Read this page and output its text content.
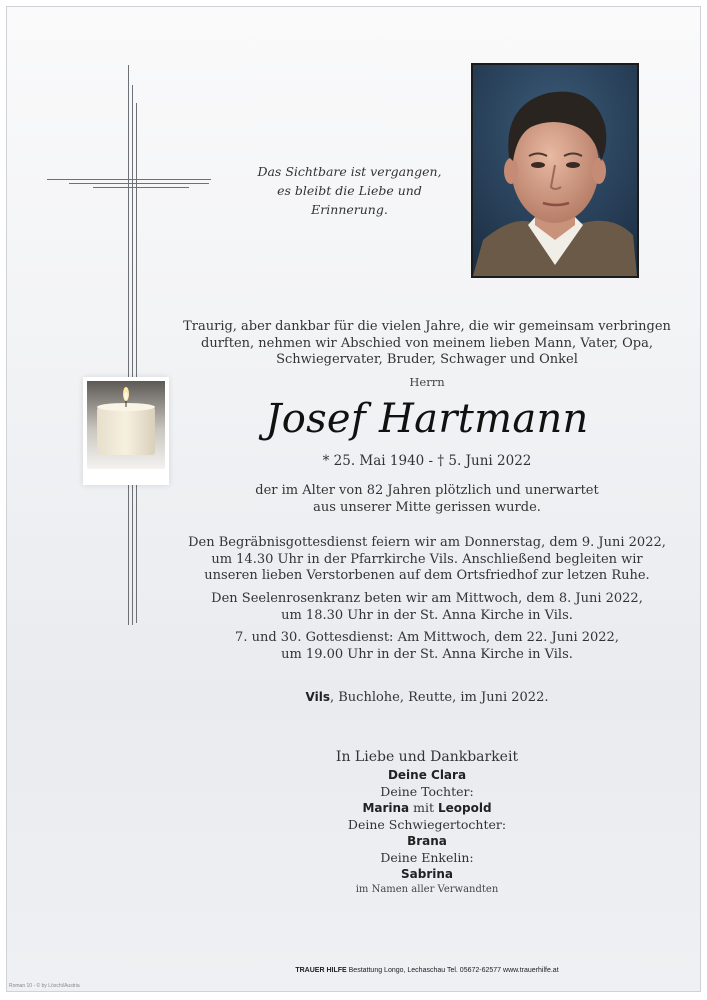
Das Sichtbare ist vergangen,
es bleibt die Liebe und Erinnerung.
Traurig, aber dankbar für die vielen Jahre, die wir gemeinsam verbringen
durften, nehmen wir Abschied von meinem lieben Mann, Vater, Opa,
Schwiegervater, Bruder, Schwager und Onkel
Herrn
Josef Hartmann
* 25. Mai 1940 - † 5. Juni 2022
der im Alter von 82 Jahren plötzlich und unerwartet
aus unserer Mitte gerissen wurde.
Den Begräbnisgottesdienst feiern wir am Donnerstag, dem 9. Juni 2022,
um 14.30 Uhr in der Pfarrkirche Vils. Anschließend begleiten wir
unseren lieben Verstorbenen auf dem Ortsfriedhof zur letzen Ruhe.
Den Seelenrosenkranz beten wir am Mittwoch, dem 8. Juni 2022,
um 18.30 Uhr in der St. Anna Kirche in Vils.
7. und 30. Gottesdienst: Am Mittwoch, dem 22. Juni 2022,
um 19.00 Uhr in der St. Anna Kirche in Vils.
Vils, Buchlohe, Reutte, im Juni 2022.
In Liebe und Dankbarkeit
Deine Clara
Deine Tochter:
Marina mit Leopold
Deine Schwiegertochter:
Brana
Deine Enkelin:
Sabrina
im Namen aller Verwandten
TRAUER HILFE Bestattung Longo, Lechaschau Tel. 05672-62577 www.trauerhilfe.at
Roman 10 - © by Löschi/Austria
